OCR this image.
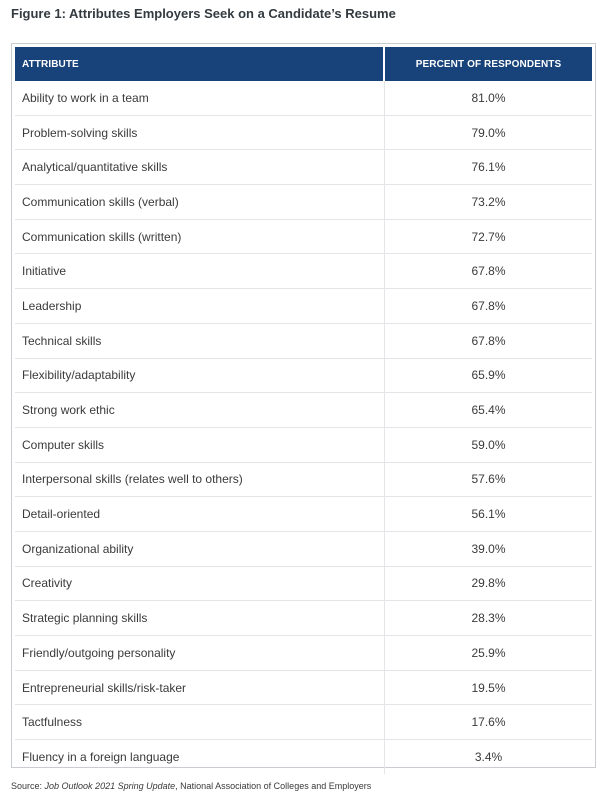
Figure 1: Attributes Employers Seek on a Candidate’s Resume
ATTRIBUTE	PERCENT OF RESPONDENTS
Ability to work in a team	81.0%
Problem-solving skills	79.0%
Analytical/quantitative skills	76.1%
Communication skills (verbal)	73.2%
Communication skills (written)	72.7%
Initiative	67.8%
Leadership	67.8%
Technical skills	67.8%
Flexibility/adaptability	65.9%
Strong work ethic	65.4%
Computer skills	59.0%
Interpersonal skills (relates well to others)	57.6%
Detail-oriented	56.1%
Organizational ability	39.0%
Creativity	29.8%
Strategic planning skills	28.3%
Friendly/outgoing personality	25.9%
Entrepreneurial skills/risk-taker	19.5%
Tactfulness	17.6%
Fluency in a foreign language	3.4%
Source: Job Outlook 2021 Spring Update, National Association of Colleges and Employers
